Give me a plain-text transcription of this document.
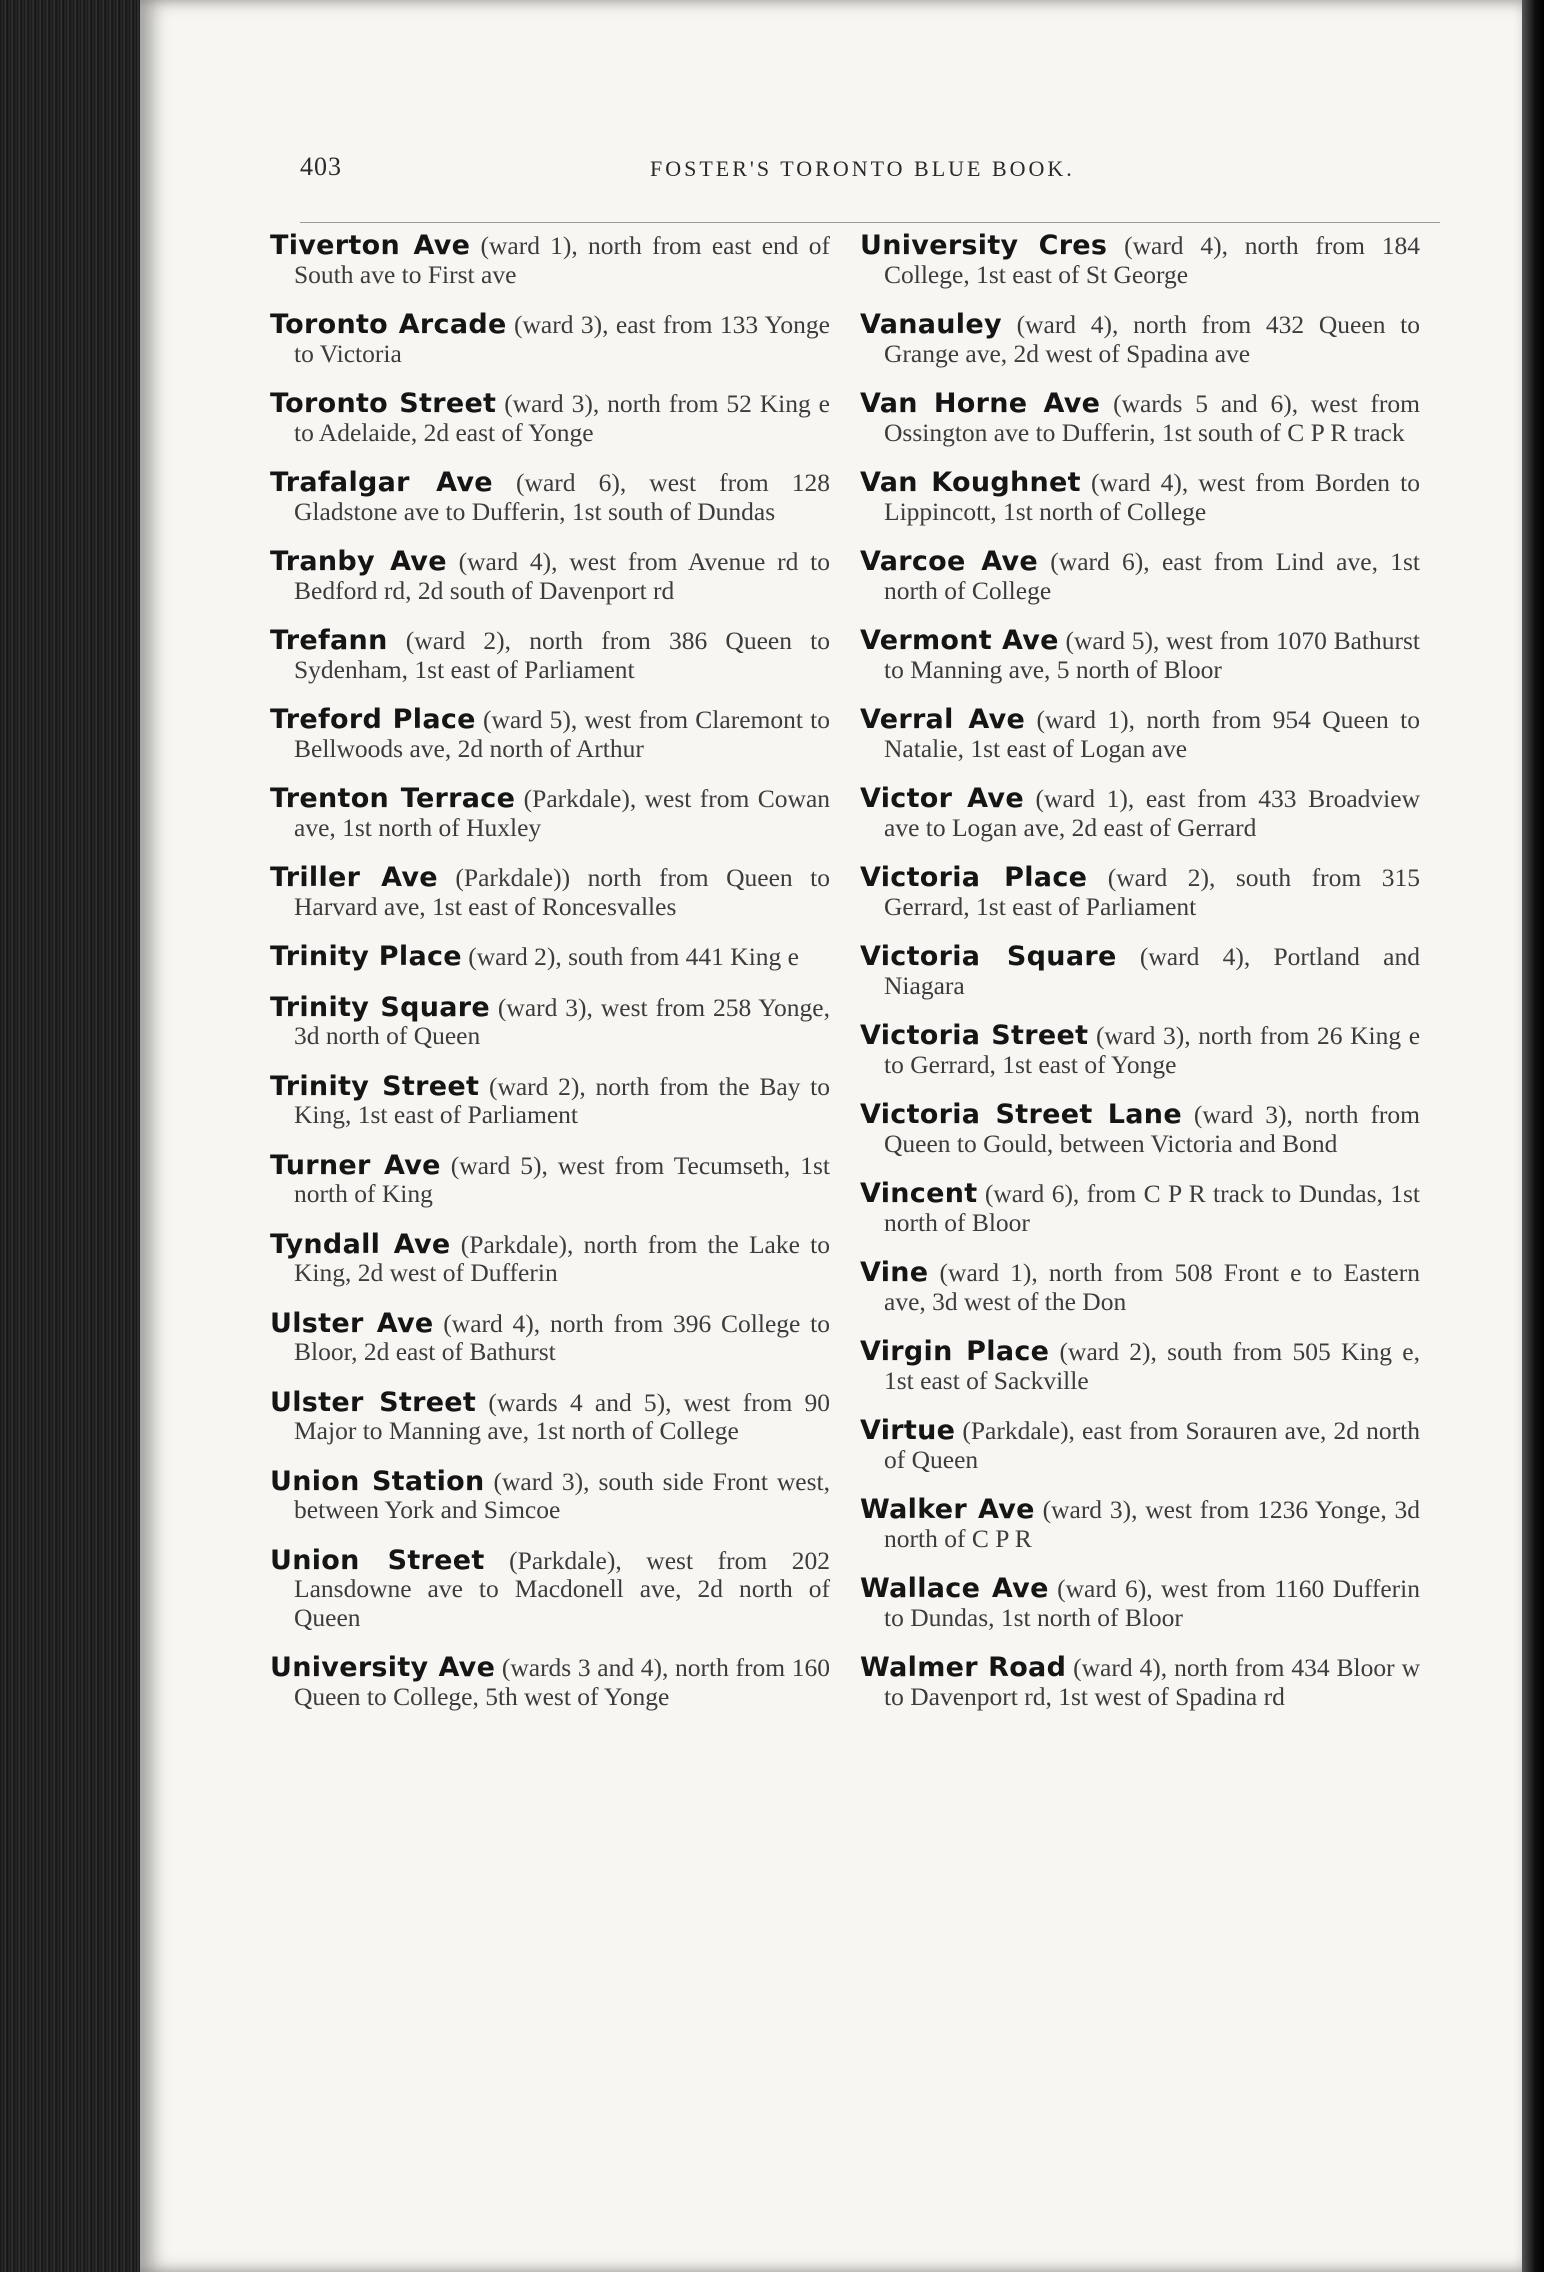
403	FOSTER'S TORONTO BLUE BOOK.

Tiverton Ave (ward 1), north from east end of South ave to First ave

Toronto Arcade (ward 3), east from 133 Yonge to Victoria

Toronto Street (ward 3), north from 52 King e to Adelaide, 2d east of Yonge

Trafalgar Ave (ward 6), west from 128 Gladstone ave to Dufferin, 1st south of Dundas

Tranby Ave (ward 4), west from Avenue rd to Bedford rd, 2d south of Davenport rd

Trefann (ward 2), north from 386 Queen to Sydenham, 1st east of Parliament

Treford Place (ward 5), west from Claremont to Bellwoods ave, 2d north of Arthur

Trenton Terrace (Parkdale), west from Cowan ave, 1st north of Huxley

Triller Ave (Parkdale)) north from Queen to Harvard ave, 1st east of Roncesvalles

Trinity Place (ward 2), south from 441 King e

Trinity Square (ward 3), west from 258 Yonge, 3d north of Queen

Trinity Street (ward 2), north from the Bay to King, 1st east of Parliament

Turner Ave (ward 5), west from Tecumseth, 1st north of King

Tyndall Ave (Parkdale), north from the Lake to King, 2d west of Dufferin

Ulster Ave (ward 4), north from 396 College to Bloor, 2d east of Bathurst

Ulster Street (wards 4 and 5), west from 90 Major to Manning ave, 1st north of College

Union Station (ward 3), south side Front west, between York and Simcoe

Union Street (Parkdale), west from 202 Lansdowne ave to Macdonell ave, 2d north of Queen

University Ave (wards 3 and 4), north from 160 Queen to College, 5th west of Yonge

University Cres (ward 4), north from 184 College, 1st east of St George

Vanauley (ward 4), north from 432 Queen to Grange ave, 2d west of Spadina ave

Van Horne Ave (wards 5 and 6), west from Ossington ave to Dufferin, 1st south of C P R track

Van Koughnet (ward 4), west from Borden to Lippincott, 1st north of College

Varcoe Ave (ward 6), east from Lind ave, 1st north of College

Vermont Ave (ward 5), west from 1070 Bathurst to Manning ave, 5 north of Bloor

Verral Ave (ward 1), north from 954 Queen to Natalie, 1st east of Logan ave

Victor Ave (ward 1), east from 433 Broadview ave to Logan ave, 2d east of Gerrard

Victoria Place (ward 2), south from 315 Gerrard, 1st east of Parliament

Victoria Square (ward 4), Portland and Niagara

Victoria Street (ward 3), north from 26 King e to Gerrard, 1st east of Yonge

Victoria Street Lane (ward 3), north from Queen to Gould, between Victoria and Bond

Vincent (ward 6), from C P R track to Dundas, 1st north of Bloor

Vine (ward 1), north from 508 Front e to Eastern ave, 3d west of the Don

Virgin Place (ward 2), south from 505 King e, 1st east of Sackville

Virtue (Parkdale), east from Sorauren ave, 2d north of Queen

Walker Ave (ward 3), west from 1236 Yonge, 3d north of C P R

Wallace Ave (ward 6), west from 1160 Dufferin to Dundas, 1st north of Bloor

Walmer Road (ward 4), north from 434 Bloor w to Davenport rd, 1st west of Spadina rd
